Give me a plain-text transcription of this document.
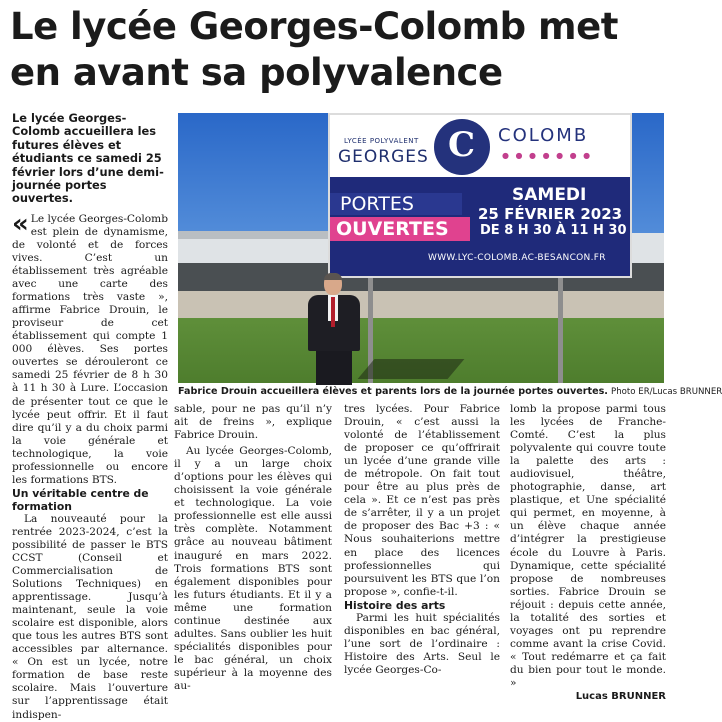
Le lycée Georges-Colomb met
en avant sa polyvalence

Le lycée Georges-Colomb accueillera les futures élèves et étudiants ce samedi 25 février lors d’une demi-journée portes ouvertes.

« Le lycée Georges-Colomb est plein de dynamisme, de volonté et de forces vives. C’est un établissement très agréable avec une carte des formations très vaste », affirme Fabrice Drouin, le proviseur de cet établissement qui compte 1 000 élèves. Ses portes ouvertes se dérouleront ce samedi 25 février de 8 h 30 à 11 h 30 à Lure. L’occasion de présenter tout ce que le lycée peut offrir. Et il faut dire qu’il y a du choix parmi la voie générale et technologique, la voie professionnelle ou encore les formations BTS.

Un véritable centre de formation

La nouveauté pour la rentrée 2023-2024, c’est la possibilité de passer le BTS CCST (Conseil et Commercialisation de Solutions Techniques) en apprentissage. Jusqu’à maintenant, seule la voie scolaire est disponible, alors que tous les autres BTS sont accessibles par alternance. « On est un lycée, notre formation de base reste scolaire. Mais l’ouverture sur l’apprentissage était indispen-

LYCÉE POLYVALENT
GEORGES C COLOMB
● ● ● ● ● ● ●
PORTES
OUVERTES
SAMEDI
25 FÉVRIER 2023
DE 8 H 30 À 11 H 30
WWW.LYC-COLOMB.AC-BESANCON.FR
Fabrice Drouin accueillera élèves et parents lors de la journée portes ouvertes. Photo ER/Lucas BRUNNER

sable, pour ne pas qu’il n’y ait de freins », explique Fabrice Drouin.

Au lycée Georges-Colomb, il y a un large choix d’options pour les élèves qui choisissent la voie générale et technologique. La voie professionnelle est elle aussi très complète. Notamment grâce au nouveau bâtiment inauguré en mars 2022. Trois formations BTS sont également disponibles pour les futurs étudiants. Et il y a même une formation continue destinée aux adultes. Sans oublier les huit spécialités disponibles pour le bac général, un choix supérieur à la moyenne des au-

tres lycées. Pour Fabrice Drouin, « c’est aussi la volonté de l’établissement de proposer ce qu’offrirait un lycée d’une grande ville de métropole. On fait tout pour être au plus près de cela ». Et ce n’est pas près de s’arrêter, il y a un projet de proposer des Bac +3 : « Nous souhaiterions mettre en place des licences professionnelles qui poursuivent les BTS que l’on propose », confie-t-il.

Histoire des arts

Parmi les huit spécialités disponibles en bac général, l’une sort de l’ordinaire : Histoire des Arts. Seul le lycée Georges-Co-

lomb la propose parmi tous les lycées de Franche-Comté. C’est la plus polyvalente qui couvre toute la palette des arts : audiovisuel, théâtre, photographie, danse, art plastique, et Une spécialité qui permet, en moyenne, à un élève chaque année d’intégrer la prestigieuse école du Louvre à Paris. Dynamique, cette spécialité propose de nombreuses sorties. Fabrice Drouin se réjouit : depuis cette année, la totalité des sorties et voyages ont pu reprendre comme avant la crise Covid. « Tout redémarre et ça fait du bien pour tout le monde. »

Lucas BRUNNER
